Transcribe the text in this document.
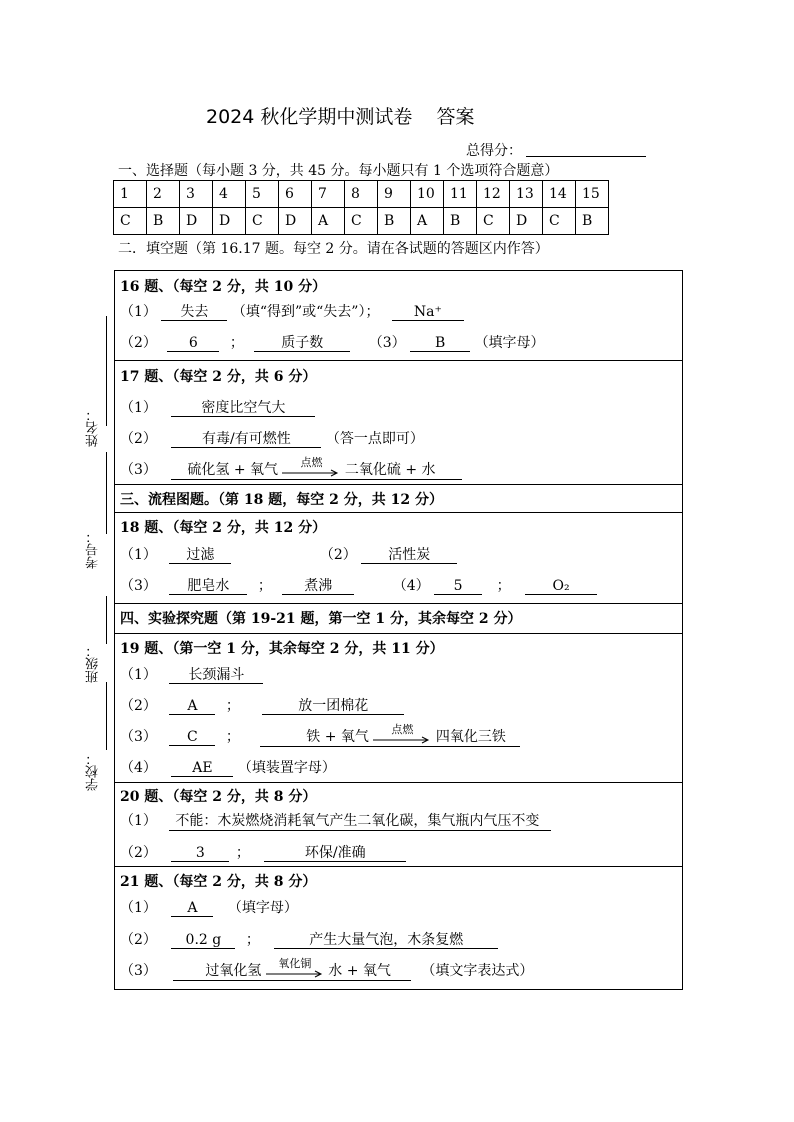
2024 秋化学期中测试卷    答案
总得分：
一、选择题（每小题 3 分，共 45 分。每小题只有 1 个选项符合题意）
1	2	3	4	5	6	7	8	9	10	11	12	13	14	15
C	B	D	D	C	D	A	C	B	A	B	C	D	C	B
二．填空题（第 16.17 题。每空 2 分。请在各试题的答题区内作答）
16 题、（每空 2 分，共 10 分）
（1） 失去 （填“得到”或“失去”）； Na⁺
（2） 6 ；	质子数	（3） B （填字母）
17 题、（每空 2 分，共 6 分）
（1）	密度比空气大
（2）	有毒/有可燃性	（答一点即可）
（3） 硫化氢 + 氧气	点燃	二氧化硫 + 水
三、流程图题。（第 18 题，每空 2 分，共 12 分）
18 题、（每空 2 分，共 12 分）
（1） 过滤	（2） 活性炭
（3） 肥皂水 ； 煮沸	（4） 5 ；	O₂
四、实验探究题（第 19-21 题，第一空 1 分，其余每空 2 分）
19 题、（第一空 1 分，其余每空 2 分，共 11 分）
（1） 长颈漏斗
（2） A ；	放一团棉花
（3） C ；	铁 + 氧气	点燃	四氧化三铁
（4）	AE （填装置字母）
20 题、（每空 2 分，共 8 分）
（1） 不能：木炭燃烧消耗氧气产生二氧化碳，集气瓶内气压不变
（2）	3 ；	环保/准确
21 题、（每空 2 分，共 8 分）
（1） A （填字母）
（2） 0.2 g ；	产生大量气泡，木条复燃
（3）	过氧化氢	氧化铜	水 + 氧气 （填文字表达式）
姓名：
考号：
班级：
学校：
